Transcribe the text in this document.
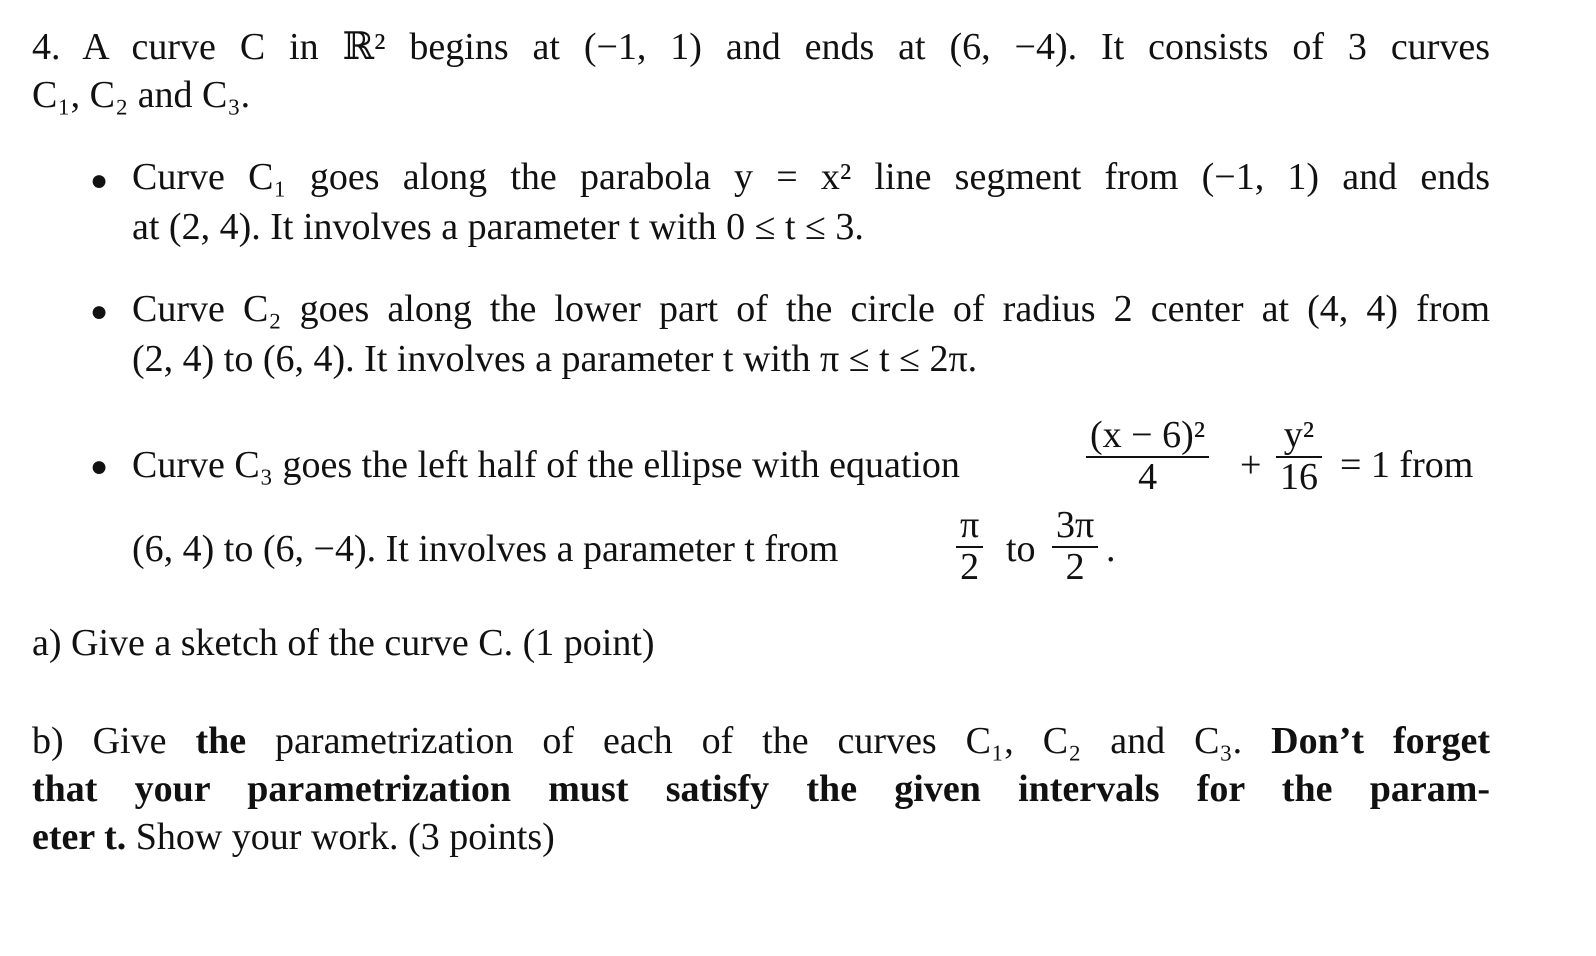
4. A curve C in ℝ² begins at (−1, 1) and ends at (6, −4). It consists of 3 curves
C₁, C₂ and C₃.
● Curve C₁ goes along the parabola y = x² line segment from (−1, 1) and ends
at (2, 4). It involves a parameter t with 0 ≤ t ≤ 3.
● Curve C₂ goes along the lower part of the circle of radius 2 center at (4, 4) from
(2, 4) to (6, 4). It involves a parameter t with π ≤ t ≤ 2π.
● Curve C₃ goes the left half of the ellipse with equation	$\frac{\text{(x − 6)²}}{4} + \frac{\text{y²}}{16} = 1$ from
(6, 4) to (6, −4). It involves a parameter t from	$\frac{\pi}{2}$ to $\frac{3\pi}{2}$ .
a) Give a sketch of the curve C. (1 point)
b) Give the parametrization of each of the curves C₁, C₂ and C₃. Don’t forget
that your parametrization must satisfy the given intervals for the param-
eter t. Show your work. (3 points)
